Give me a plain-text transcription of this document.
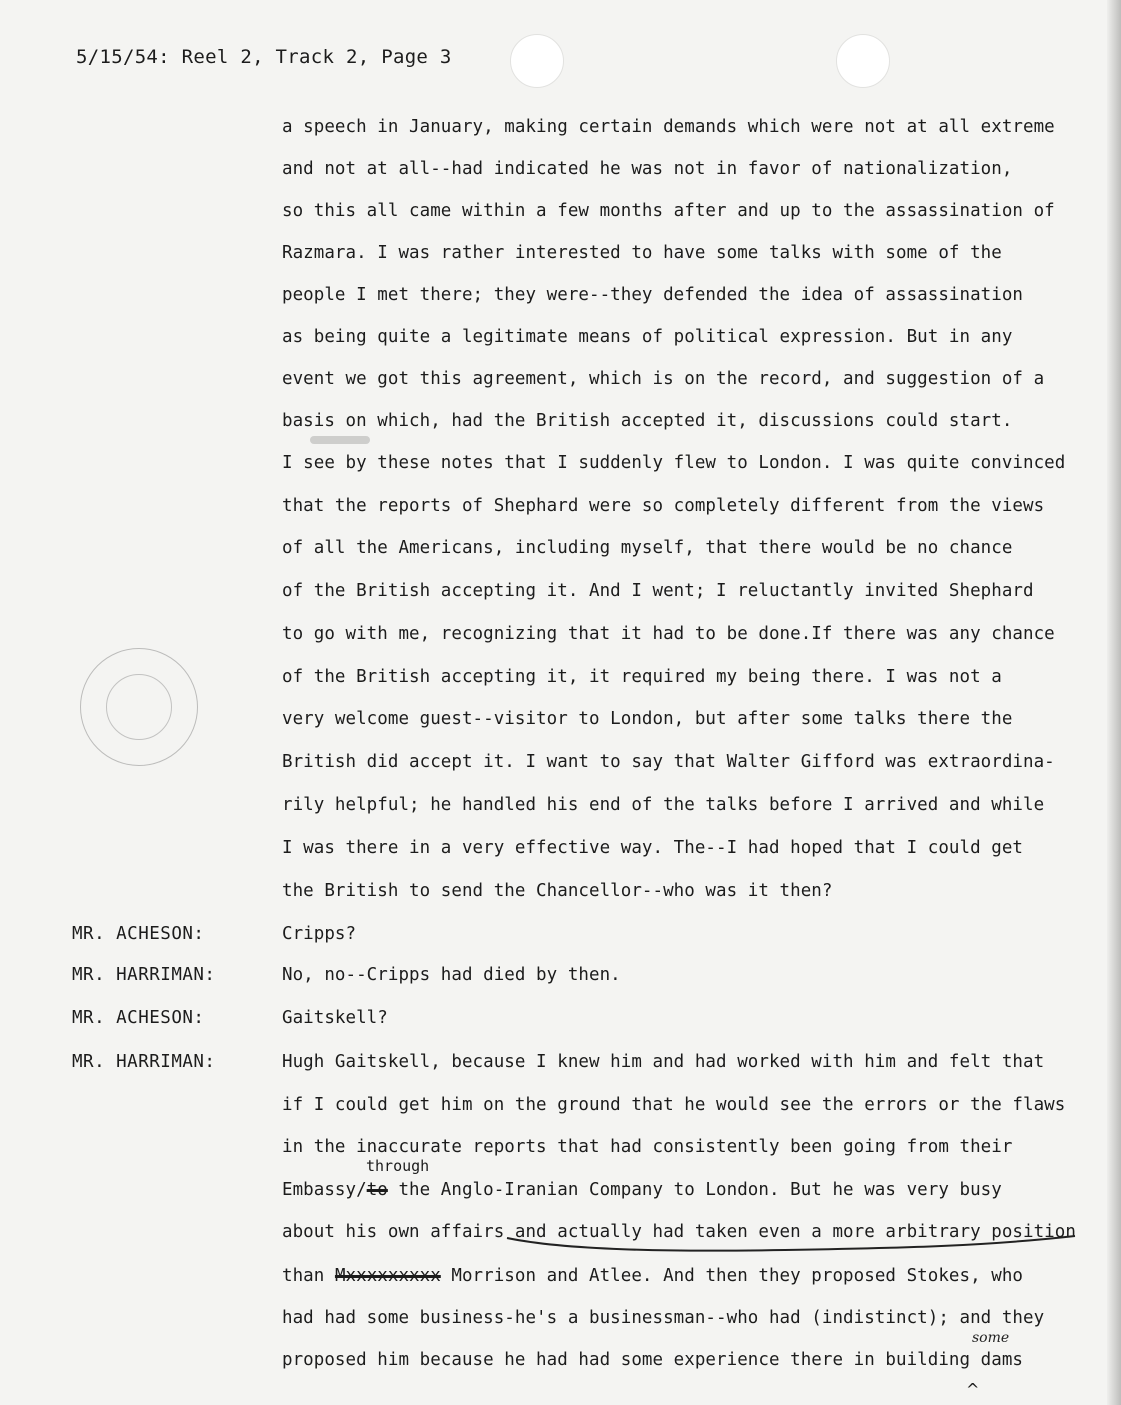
5/15/54: Reel 2, Track 2, Page 3
a speech in January, making certain demands which were not at all extreme
and not at all--had indicated he was not in favor of nationalization,
so this all came within a few months after and up to the assassination of
Razmara. I was rather interested to have some talks with some of the
people I met there; they were--they defended the idea of assassination
as being quite a legitimate means of political expression. But in any
event we got this agreement, which is on the record, and suggestion of a
basis on which, had the British accepted it, discussions could start.
I see by these notes that I suddenly flew to London. I was quite convinced
that the reports of Shephard were so completely different from the views
of all the Americans, including myself, that there would be no chance
of the British accepting it. And I went; I reluctantly invited Shephard
to go with me, recognizing that it had to be done.If there was any chance
of the British accepting it, it required my being there. I was not a
very welcome guest--visitor to London, but after some talks there the
British did accept it. I want to say that Walter Gifford was extraordina-
rily helpful; he handled his end of the talks before I arrived and while
I was there in a very effective way. The--I had hoped that I could get
the British to send the Chancellor--who was it then?
MR. ACHESON:	Cripps?
MR. HARRIMAN:	No, no--Cripps had died by then.
MR. ACHESON:	Gaitskell?
MR. HARRIMAN:	Hugh Gaitskell, because I knew him and had worked with him and felt that
if I could get him on the ground that he would see the errors or the flaws
in the inaccurate reports that had consistently been going from their
through
Embassy/to the Anglo-Iranian Company to London. But he was very busy
about his own affairs and actually had taken even a more arbitrary position
than Mxxxxxxxxx Morrison and Atlee. And then they proposed Stokes, who
had had some business-he's a businessman--who had (indistinct); and they
proposed him because he had had some experience there in building dams
some
^
